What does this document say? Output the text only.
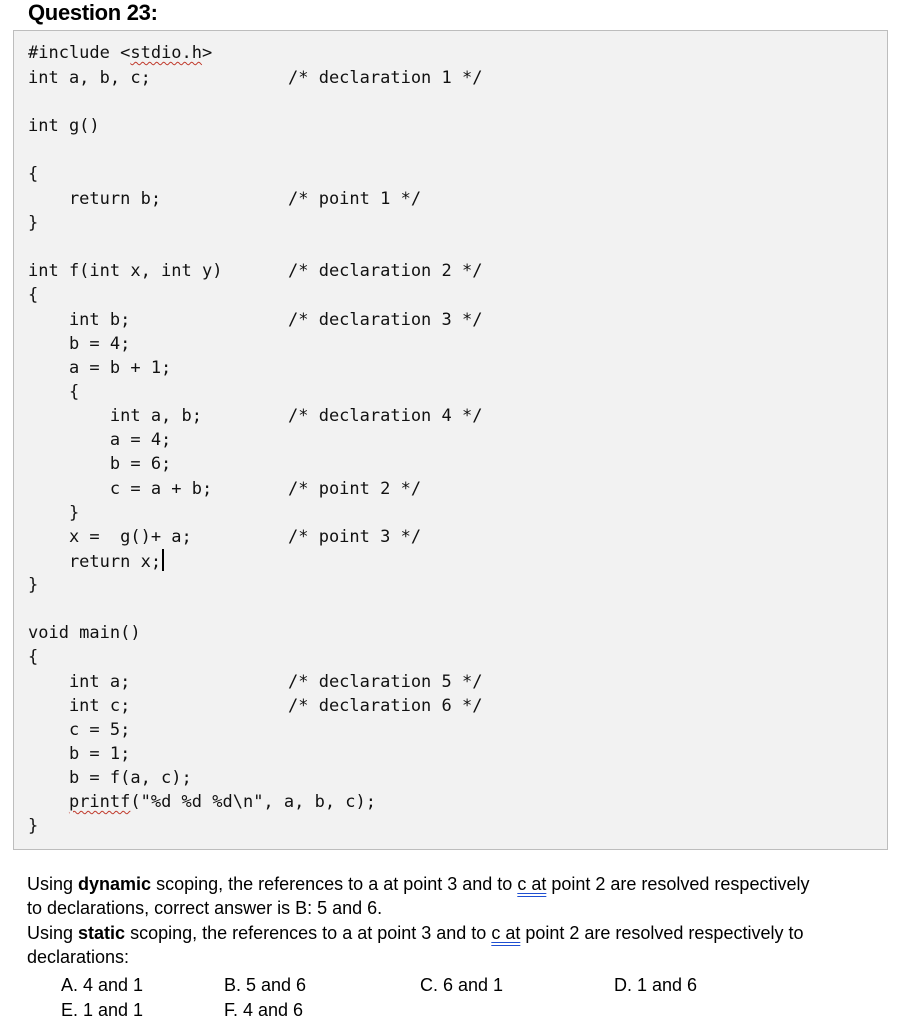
Question 23:
#include <stdio.h>
int a, b, c;
int g()
{
return b;
}
int f(int x, int y)
{
int b;
b = 4;
a = b + 1;
{
int a, b;
a = 4;
b = 6;
c = a + b;
}
x =  g()+ a;
return x;
}
void main()
{
int a;
int c;
c = 5;
b = 1;
b = f(a, c);
printf("%d %d %d\n", a, b, c);
}
/* declaration 1 */
/* point 1 */
/* declaration 2 */
/* declaration 3 */
/* declaration 4 */
/* point 2 */
/* point 3 */
/* declaration 5 */
/* declaration 6 */
Using dynamic scoping, the references to a at point 3 and to c at point 2 are resolved respectively
to declarations, correct answer is B: 5 and 6.
Using static scoping, the references to a at point 3 and to c at point 2 are resolved respectively to
declarations:
A. 4 and 1	B. 5 and 6	C. 6 and 1	D. 1 and 6
E. 1 and 1	F. 4 and 6
